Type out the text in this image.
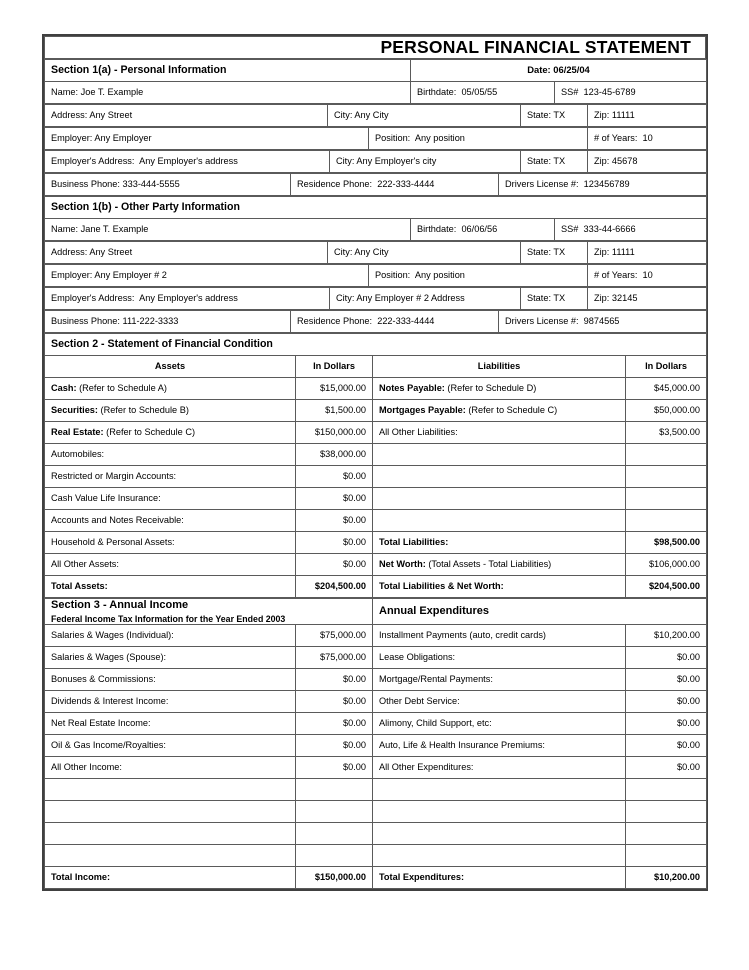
PERSONAL FINANCIAL STATEMENT
Section 1(a) - Personal Information	Date: 06/25/04	

Name: Joe T. Example	Birthdate: 05/05/55	SS# 123-45-6789
Address: Any Street	City: Any City	State: TX	Zip: 11111
Employer: Any Employer	Position: Any position	# of Years: 10
Employer's Address: Any Employer's address	City: Any Employer's city	State: TX	Zip: 45678
Business Phone: 333-444-5555	Residence Phone: 222-333-4444	Drivers License #: 123456789
Section 1(b) - Other Party Information

Name: Jane T. Example	Birthdate: 06/06/56	SS# 333-44-6666
Address: Any Street	City: Any City	State: TX	Zip: 11111
Employer: Any Employer # 2	Position: Any position	# of Years: 10
Employer's Address: Any Employer's address	City: Any Employer # 2 Address	State: TX	Zip: 32145
Business Phone: 111-222-3333	Residence Phone: 222-333-4444	Drivers License #: 9874565
Section 2 - Statement of Financial Condition			

Assets	In Dollars	Liabilities	In Dollars

Cash: (Refer to Schedule A)	$15,000.00	Notes Payable: (Refer to Schedule D)	$45,000.00

Securities: (Refer to Schedule B)	$1,500.00	Mortgages Payable: (Refer to Schedule C)	$50,000.00

Real Estate: (Refer to Schedule C)	$150,000.00	All Other Liabilities:	$3,500.00

Automobiles:	$38,000.00		

Restricted or Margin Accounts:	$0.00		

Cash Value Life Insurance:	$0.00		

Accounts and Notes Receivable:	$0.00		

Household & Personal Assets:	$0.00	Total Liabilities:	$98,500.00

All Other Assets:	$0.00	Net Worth: (Total Assets - Total Liabilities)	$106,000.00

Total Assets:	$204,500.00	Total Liabilities & Net Worth:	$204,500.00
Section 3 - Annual Income
Federal Income Tax Information for the Year Ended 2003		Annual Expenditures	

Salaries & Wages (Individual):	$75,000.00	Installment Payments (auto, credit cards)	$10,200.00

Salaries & Wages (Spouse):	$75,000.00	Lease Obligations:	$0.00

Bonuses & Commissions:	$0.00	Mortgage/Rental Payments:	$0.00

Dividends & Interest Income:	$0.00	Other Debt Service:	$0.00

Net Real Estate Income:	$0.00	Alimony, Child Support, etc:	$0.00

Oil & Gas Income/Royalties:	$0.00	Auto, Life & Health Insurance Premiums:	$0.00

All Other Income:	$0.00	All Other Expenditures:	$0.00

Total Income:	$150,000.00	Total Expenditures:	$10,200.00
